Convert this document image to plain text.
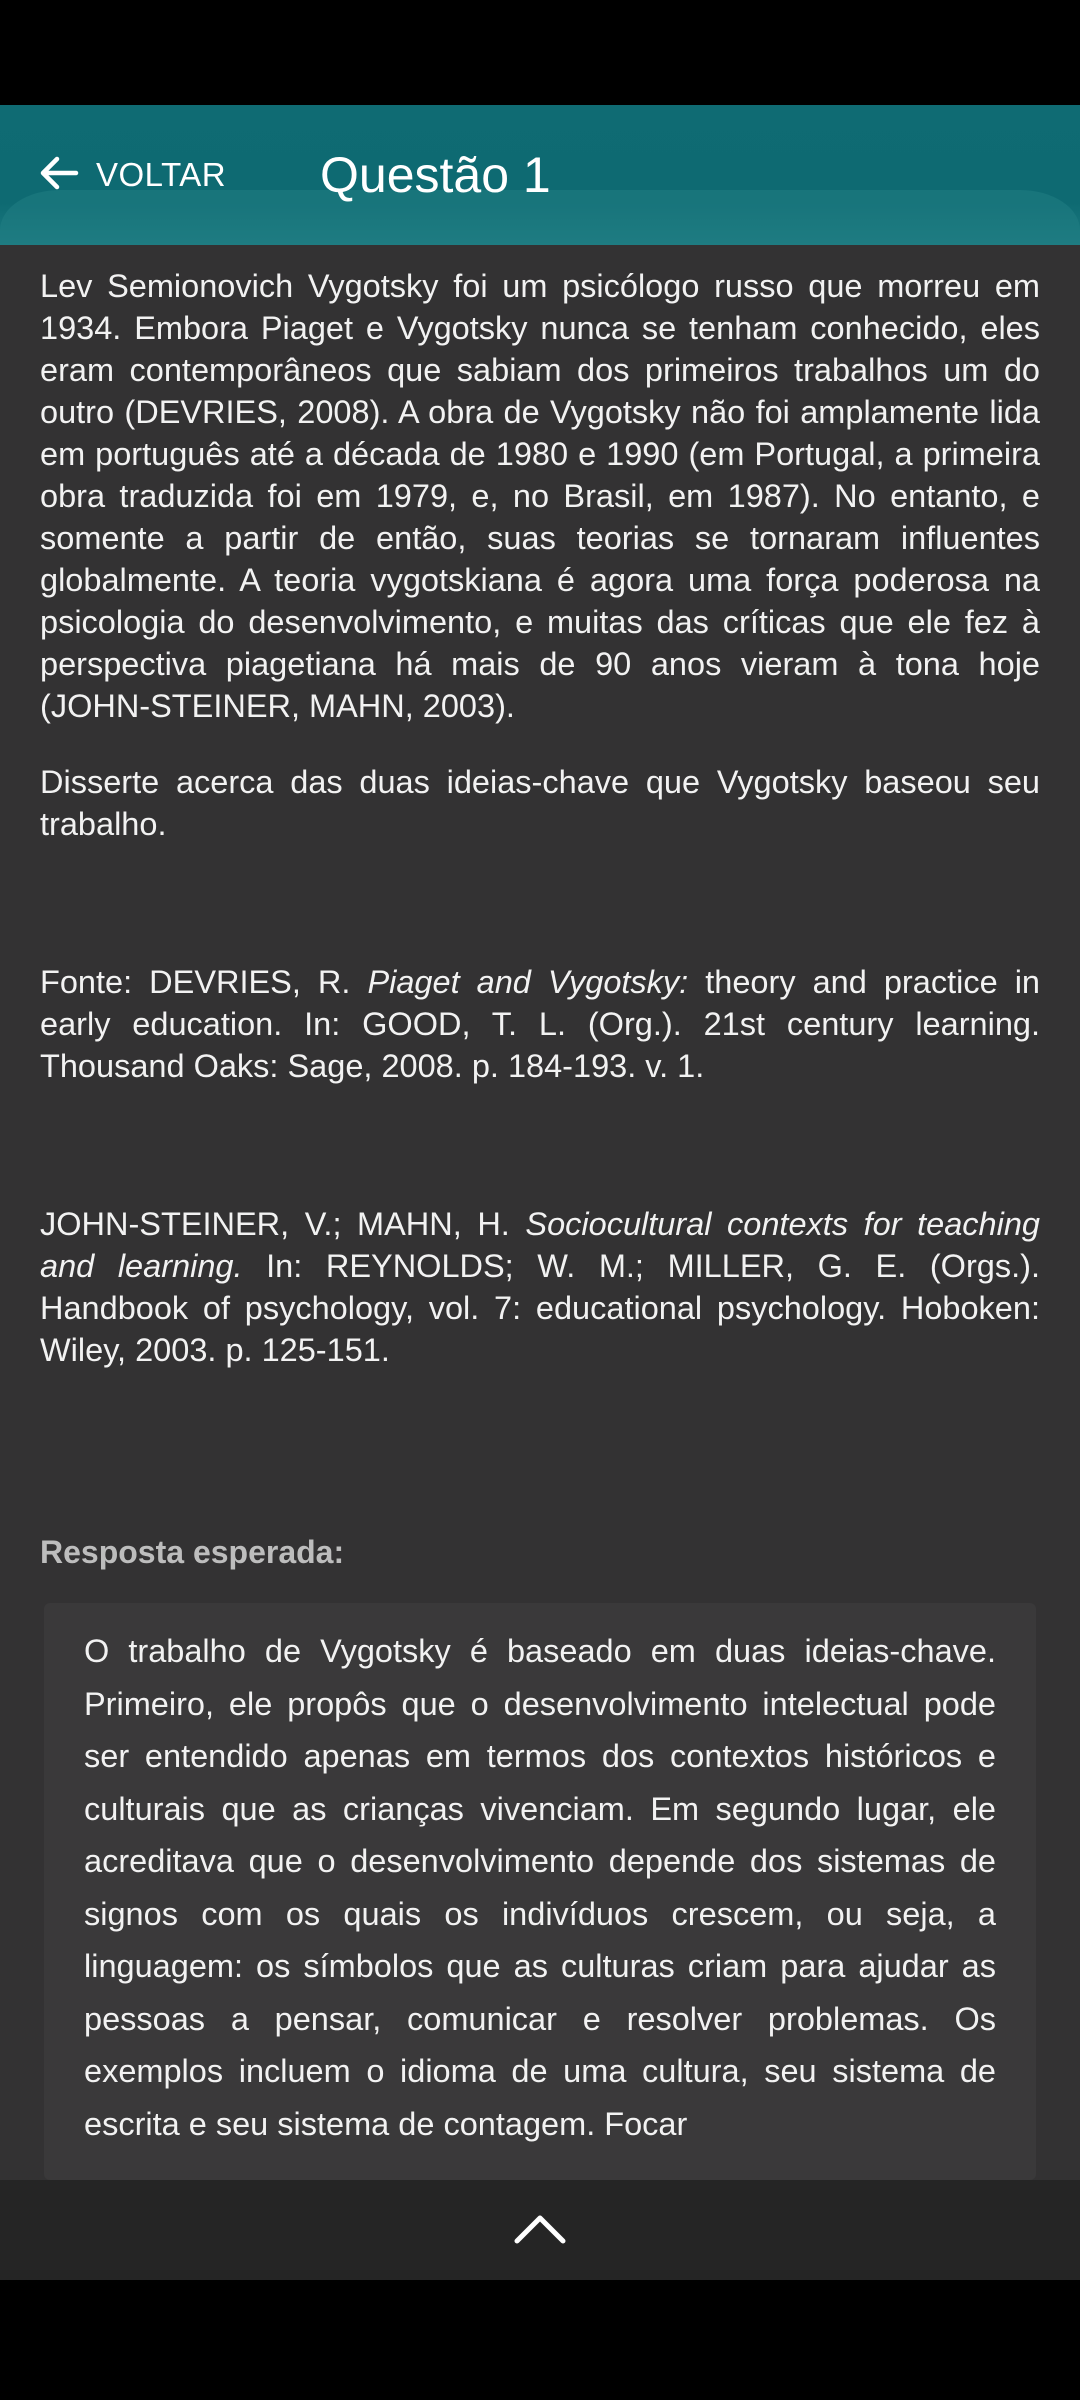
VOLTAR Questão 1

Lev Semionovich Vygotsky foi um psicólogo russo que morreu em 1934. Embora Piaget e Vygotsky nunca se tenham conhecido, eles eram contemporâneos que sabiam dos primeiros trabalhos um do outro (DEVRIES, 2008). A obra de Vygotsky não foi amplamente lida em português até a década de 1980 e 1990 (em Portugal, a primeira obra traduzida foi em 1979, e, no Brasil, em 1987). No entanto, e somente a partir de então, suas teorias se tornaram influentes globalmente. A teoria vygotskiana é agora uma força poderosa na psicologia do desenvolvimento, e muitas das críticas que ele fez à perspectiva piagetiana há mais de 90 anos vieram à tona hoje (JOHN-STEINER, MAHN, 2003).

Disserte acerca das duas ideias-chave que Vygotsky baseou seu trabalho.

Fonte: DEVRIES, R. Piaget and Vygotsky: theory and practice in early education. In: GOOD, T. L. (Org.). 21st century learning. Thousand Oaks: Sage, 2008. p. 184-193. v. 1.

JOHN-STEINER, V.; MAHN, H. Sociocultural contexts for teaching and learning. In: REYNOLDS; W. M.; MILLER, G. E. (Orgs.). Handbook of psychology, vol. 7: educational psychology. Hoboken: Wiley, 2003. p. 125-151.

Resposta esperada:

O trabalho de Vygotsky é baseado em duas ideias-chave. Primeiro, ele propôs que o desenvolvimento intelectual pode ser entendido apenas em termos dos contextos históricos e culturais que as crianças vivenciam. Em segundo lugar, ele acreditava que o desenvolvimento depende dos sistemas de signos com os quais os indivíduos crescem, ou seja, a linguagem: os símbolos que as culturas criam para ajudar as pessoas a pensar, comunicar e resolver problemas. Os exemplos incluem o idioma de uma cultura, seu sistema de escrita e seu sistema de contagem. Focar
